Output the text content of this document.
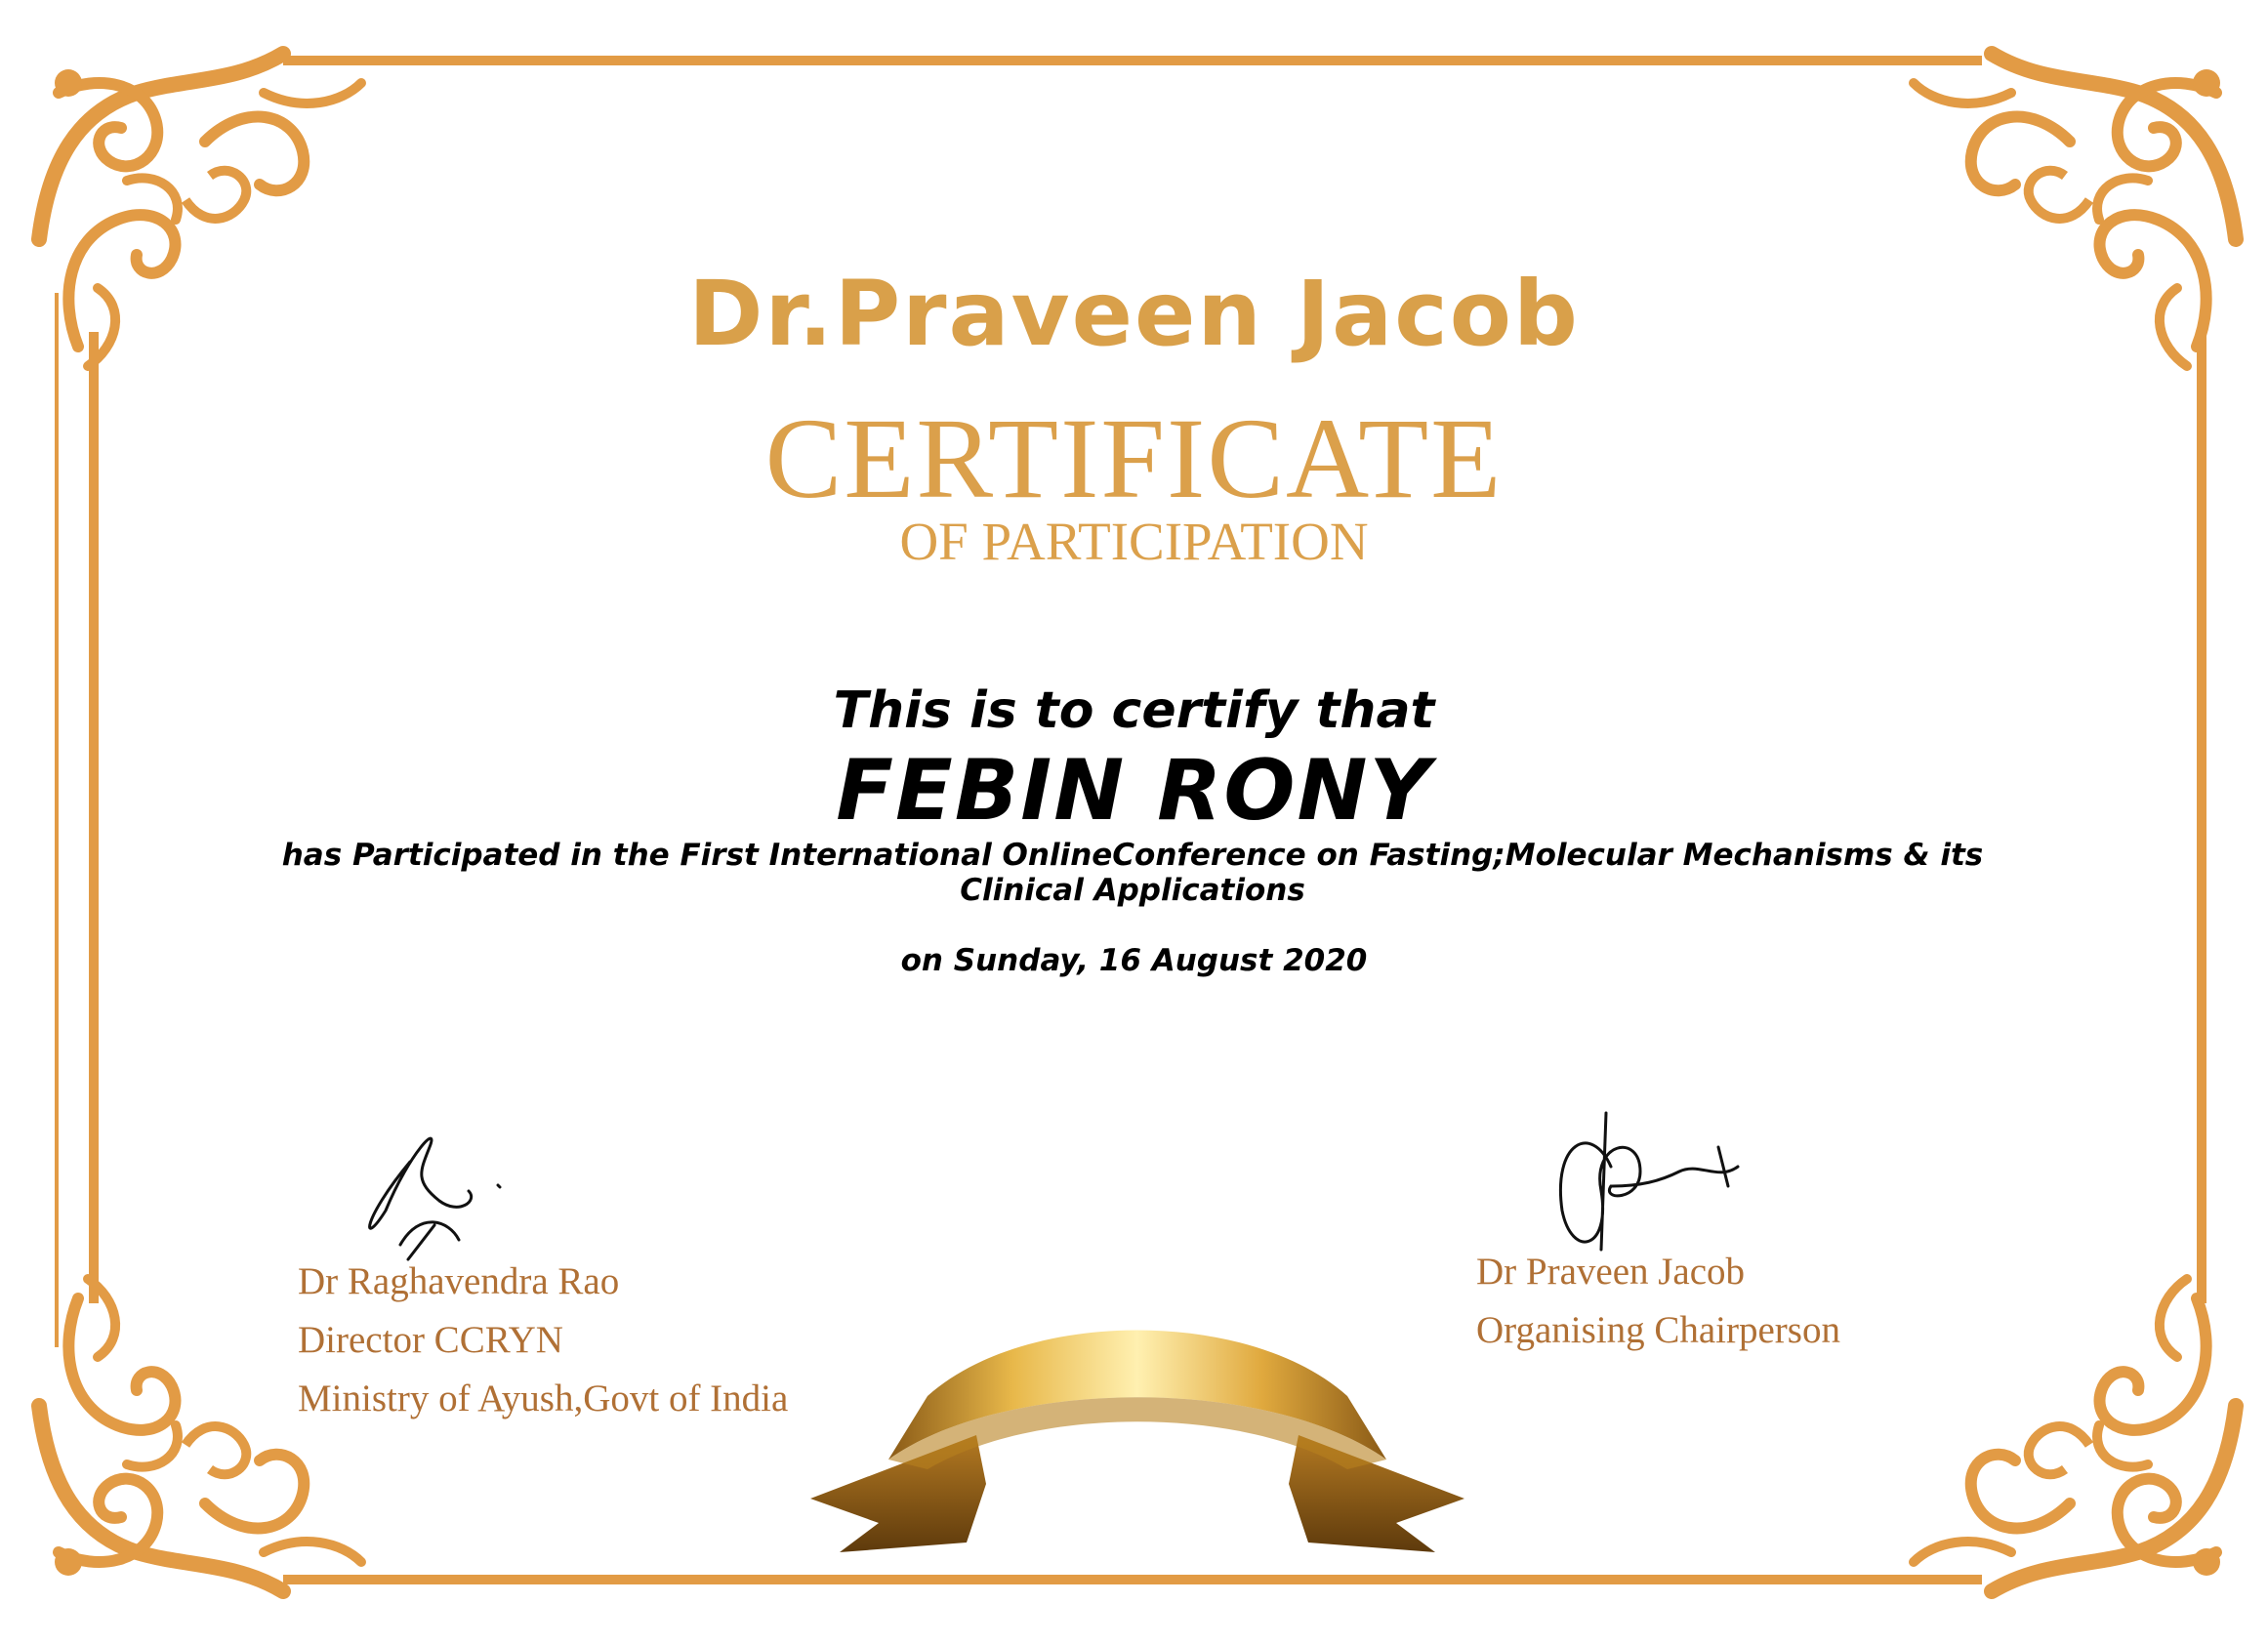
Dr.Praveen Jacob
CERTIFICATE
OF PARTICIPATION
This is to certify that
FEBIN RONY
has Participated in the First International OnlineConference on Fasting;Molecular Mechanisms & its Clinical Applications
on Sunday, 16 August 2020
Dr Raghavendra Rao
Director CCRYN
Ministry of Ayush,Govt of India
Dr Praveen Jacob
Organising Chairperson
